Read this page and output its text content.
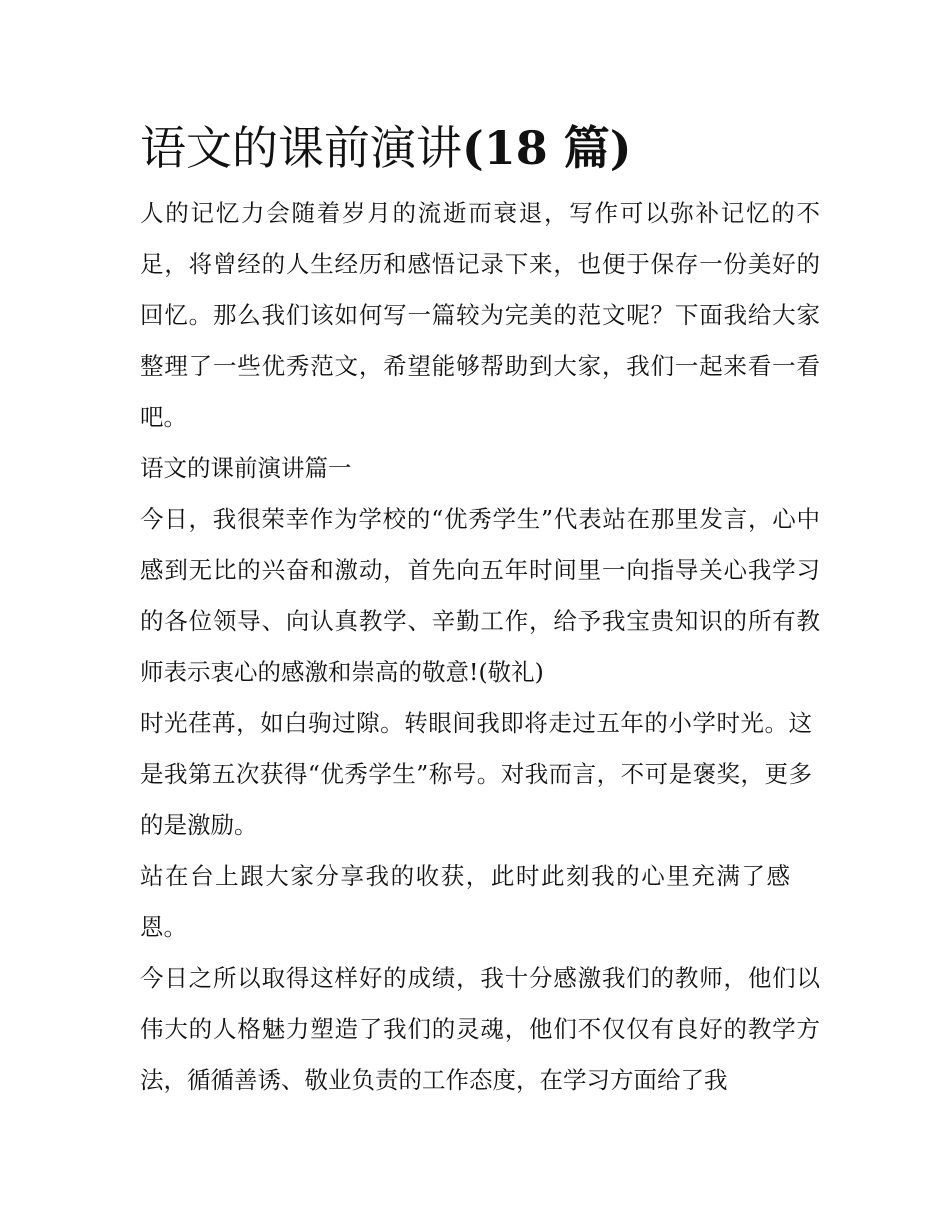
语文的课前演讲(18 篇)

人的记忆力会随着岁月的流逝而衰退，写作可以弥补记忆的不足，将曾经的人生经历和感悟记录下来，也便于保存一份美好的回忆。那么我们该如何写一篇较为完美的范文呢？下面我给大家整理了一些优秀范文，希望能够帮助到大家，我们一起来看一看吧。

语文的课前演讲篇一

今日，我很荣幸作为学校的“优秀学生”代表站在那里发言，心中感到无比的兴奋和激动，首先向五年时间里一向指导关心我学习的各位领导、向认真教学、辛勤工作，给予我宝贵知识的所有教师表示衷心的感激和崇高的敬意!(敬礼)

时光荏苒，如白驹过隙。转眼间我即将走过五年的小学时光。这是我第五次获得“优秀学生”称号。对我而言，不可是褒奖，更多的是激励。

站在台上跟大家分享我的收获，此时此刻我的心里充满了感恩。

今日之所以取得这样好的成绩，我十分感激我们的教师，他们以伟大的人格魅力塑造了我们的灵魂，他们不仅仅有良好的教学方法，循循善诱、敬业负责的工作态度，在学习方面给了我
